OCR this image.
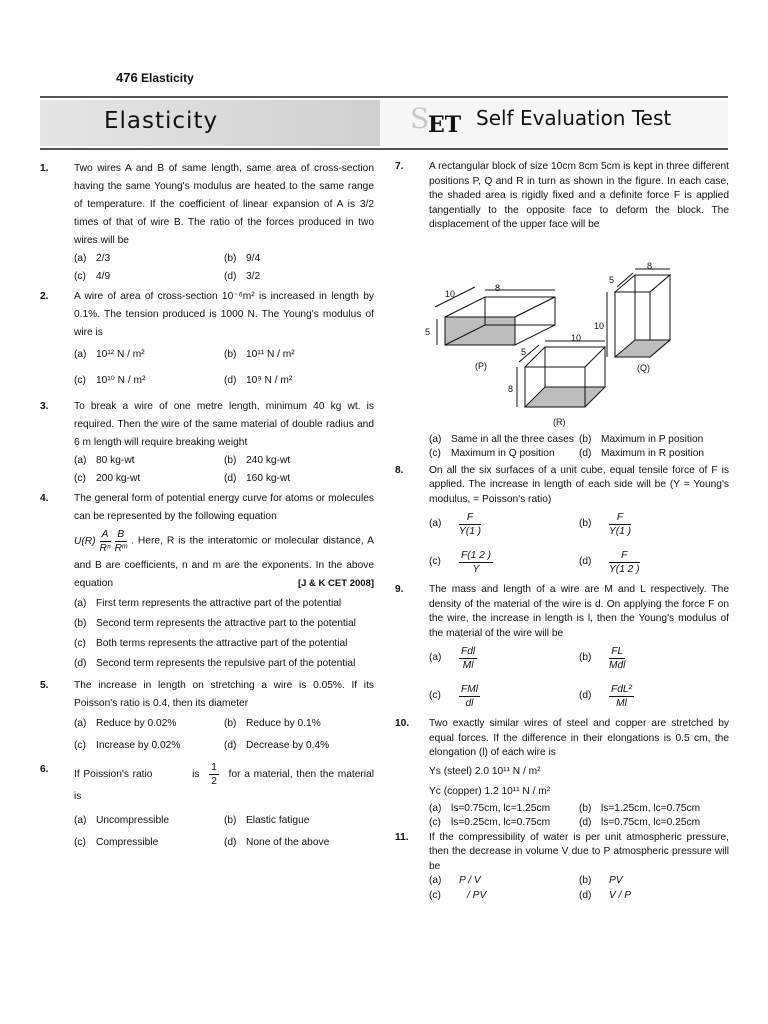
476 Elasticity
Elasticity	S
ET Self Evaluation Test
1.	Two wires A and B of same length, same area of cross-section having the same Young's modulus are heated to the same range of temperature. If the coefficient of linear expansion of A is 3/2 times of that of wire B. The ratio of the forces produced in two wires will be
(a) 2/3	(b) 9/4
(c) 4/9	(d) 3/2
2.	A wire of area of cross-section 10⁻⁶m² is increased in length by 0.1%. The tension produced is 1000 N. The Young's modulus of wire is
(a) 10¹² N / m²	(b) 10¹¹ N / m²
(c) 10¹⁰ N / m²	(d) 10⁹ N / m²
3.	To break a wire of one metre length, minimum 40 kg wt. is required. Then the wire of the same material of double radius and 6 m length will require breaking weight
(a) 80 kg-wt	(b) 240 kg-wt
(c) 200 kg-wt	(d) 160 kg-wt
4.	The general form of potential energy curve for atoms or molecules can be represented by the following equation

$U(R) \frac{A}{\text{Rⁿ}} \frac{B}{\text{Rᵐ}}$ . Here, R is the interatomic or molecular distance, A and B are coefficients, n and m are the exponents. In the above equation	[J & K CET 2008]
(a) First term represents the attractive part of the potential
(b) Second term represents the attractive part to the potential
(c) Both terms represents the attractive part of the potential
(d) Second term represents the repulsive part of the potential
5.	The increase in length on stretching a wire is 0.05%. If its Poisson's ratio is 0.4, then its diameter
(a) Reduce by 0.02%	(b) Reduce by 0.1%
(c) Increase by 0.02%	(d) Decrease by 0.4%
6.	If Poission's ratio	is $\frac{1}{2}$ for a material, then the material is
(a) Uncompressible	(b) Elastic fatigue
(c) Compressible	(d) None of the above
7.	A rectangular block of size 10cm 8cm 5cm is kept in three different positions P, Q and R in turn as shown in the figure. In each case, the shaded area is rigidly fixed and a definite force F is applied tangentially to the opposite face to deform the block. The displacement of the upper face will be
8
10
5
8
5
10
10
5
8
(P)	(Q)
(R)
(a) Same in all the three cases (b) Maximum in P position
(c) Maximum in Q position	(d) Maximum in R position
8.	On all the six surfaces of a unit cube, equal tensile force of F is applied. The increase in length of each side will be (Y = Young's modulus, = Poisson's ratio)
$(a) \frac{F}{Y(1 )}$	$(b) \frac{F}{Y(1 )}$
$(c) \frac{F(1 2 )}{Y}$	$(d) \frac{F}{Y(1 2 )}$
9.	The mass and length of a wire are M and L respectively. The density of the material of the wire is d. On applying the force F on the wire, the increase in length is l, then the Young's modulus of the material of the wire will be
$(a) \frac{\text{Fdl}}{Ml}$	$(b) \frac{FL}{\text{Mdl}}$
$(c) \frac{\text{FMl}}{dl}$	$(d) \frac{\text{FdL²}}{Ml}$
10. Two exactly similar wires of steel and copper are stretched by equal forces. If the difference in their elongations is 0.5 cm, the elongation (l) of each wire is
Ys (steel) 2.0 10¹¹ N / m²
Yc (copper) 1.2 10¹¹ N / m²
(a) ls=0.75cm, lc=1.25cm	(b) ls=1.25cm, lc=0.75cm
(c) ls=0.25cm, lc=0.75cm	(d) ls=0.75cm, lc=0.25cm
11. If the compressibility of water is per unit atmospheric pressure, then the decrease in volume V due to P atmospheric pressure will be
(a) P / V	(b) PV
(c)	/ PV	(d) V / P
